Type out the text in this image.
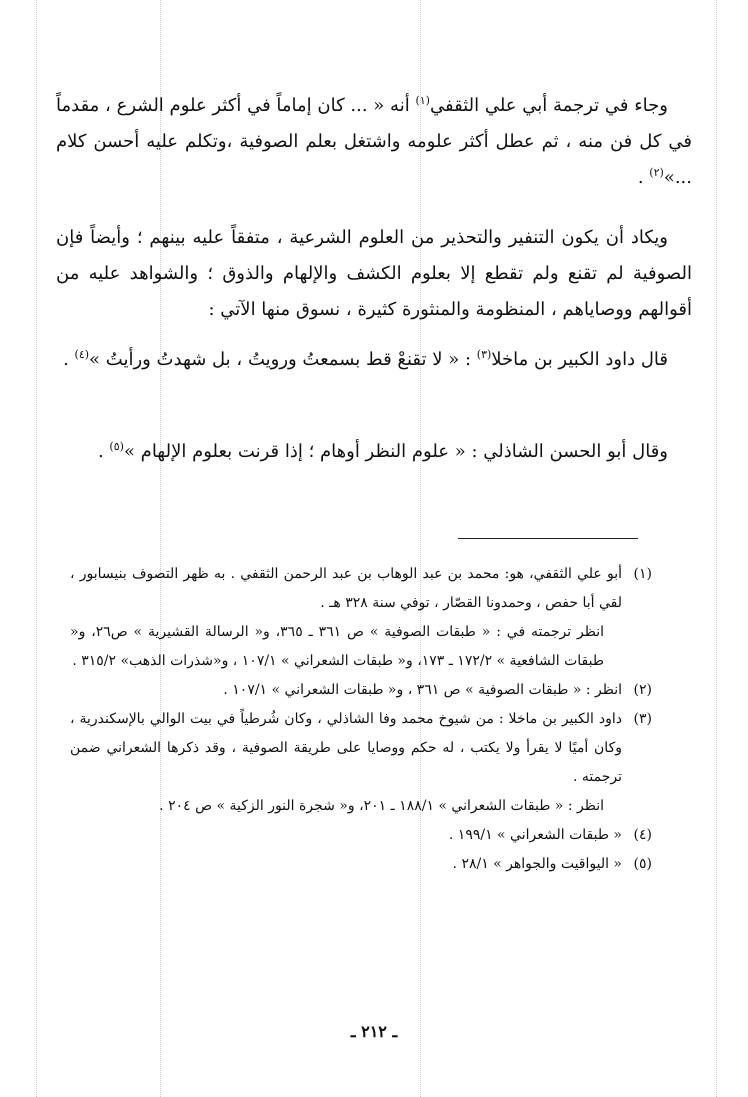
وجاء في ترجمة أبي علي الثقفي$^{(١)}$ أنه « ... كان إماماً في أكثر علوم الشرع ، مقدماً في كل فن منه ، ثم عطل أكثر علومه واشتغل بعلم الصوفية ،وتكلم عليه أحسن كلام ...»$^{(٢)}$ .

ويكاد أن يكون التنفير والتحذير من العلوم الشرعية ، متفقاً عليه بينهم ؛ وأيضاً فإن الصوفية لم تقنع ولم تقطع إلا بعلوم الكشف والإلهام والذوق ؛ والشواهد عليه من أقوالهم ووصاياهم ، المنظومة والمنثورة كثيرة ، نسوق منها الآتي :

قال داود الكبير بن ماخلا$^{(٣)}$ : « لا تقنعْ قط بسمعتُ ورويتُ ، بل شهدتُ ورأيتُ »$^{(٤)}$ .

وقال أبو الحسن الشاذلي : « علوم النظر أوهام ؛ إذا قرنت بعلوم الإلهام »$^{(٥)}$ .

(١)
أبو علي الثقفي، هو: محمد بن عبد الوهاب بن عبد الرحمن الثقفي . به ظهر التصوف بنيسابور ، لقي أبا حفص ، وحمدونا القصّار ، توفي سنة ٣٢٨ هـ .
انظر ترجمته في : « طبقات الصوفية » ص ٣٦١ ـ ٣٦٥، و« الرسالة القشيرية » ص٢٦، و« طبقات الشافعية » ١٧٢/٢ ـ ١٧٣، و« طبقات الشعراني » ١٠٧/١ ، و«شذرات الذهب» ٣١٥/٢ .
(٢)
انظر : « طبقات الصوفية » ص ٣٦١ ، و« طبقات الشعراني » ١٠٧/١ .
(٣)
داود الكبير بن ماخلا : من شيوخ محمد وفا الشاذلي ، وكان شُرطياً في بيت الوالي بالإسكندرية ، وكان أميًا لا يقرأ ولا يكتب ، له حكم ووصايا على طريقة الصوفية ، وقد ذكرها الشعراني ضمن ترجمته .
انظر : « طبقات الشعراني » ١٨٨/١ ـ ٢٠١، و« شجرة النور الزكية » ص ٢٠٤ .
(٤)
« طبقات الشعراني » ١٩٩/١ .
(٥)
« اليواقيت والجواهر » ٢٨/١ .
ـ ٢١٢ ـ
